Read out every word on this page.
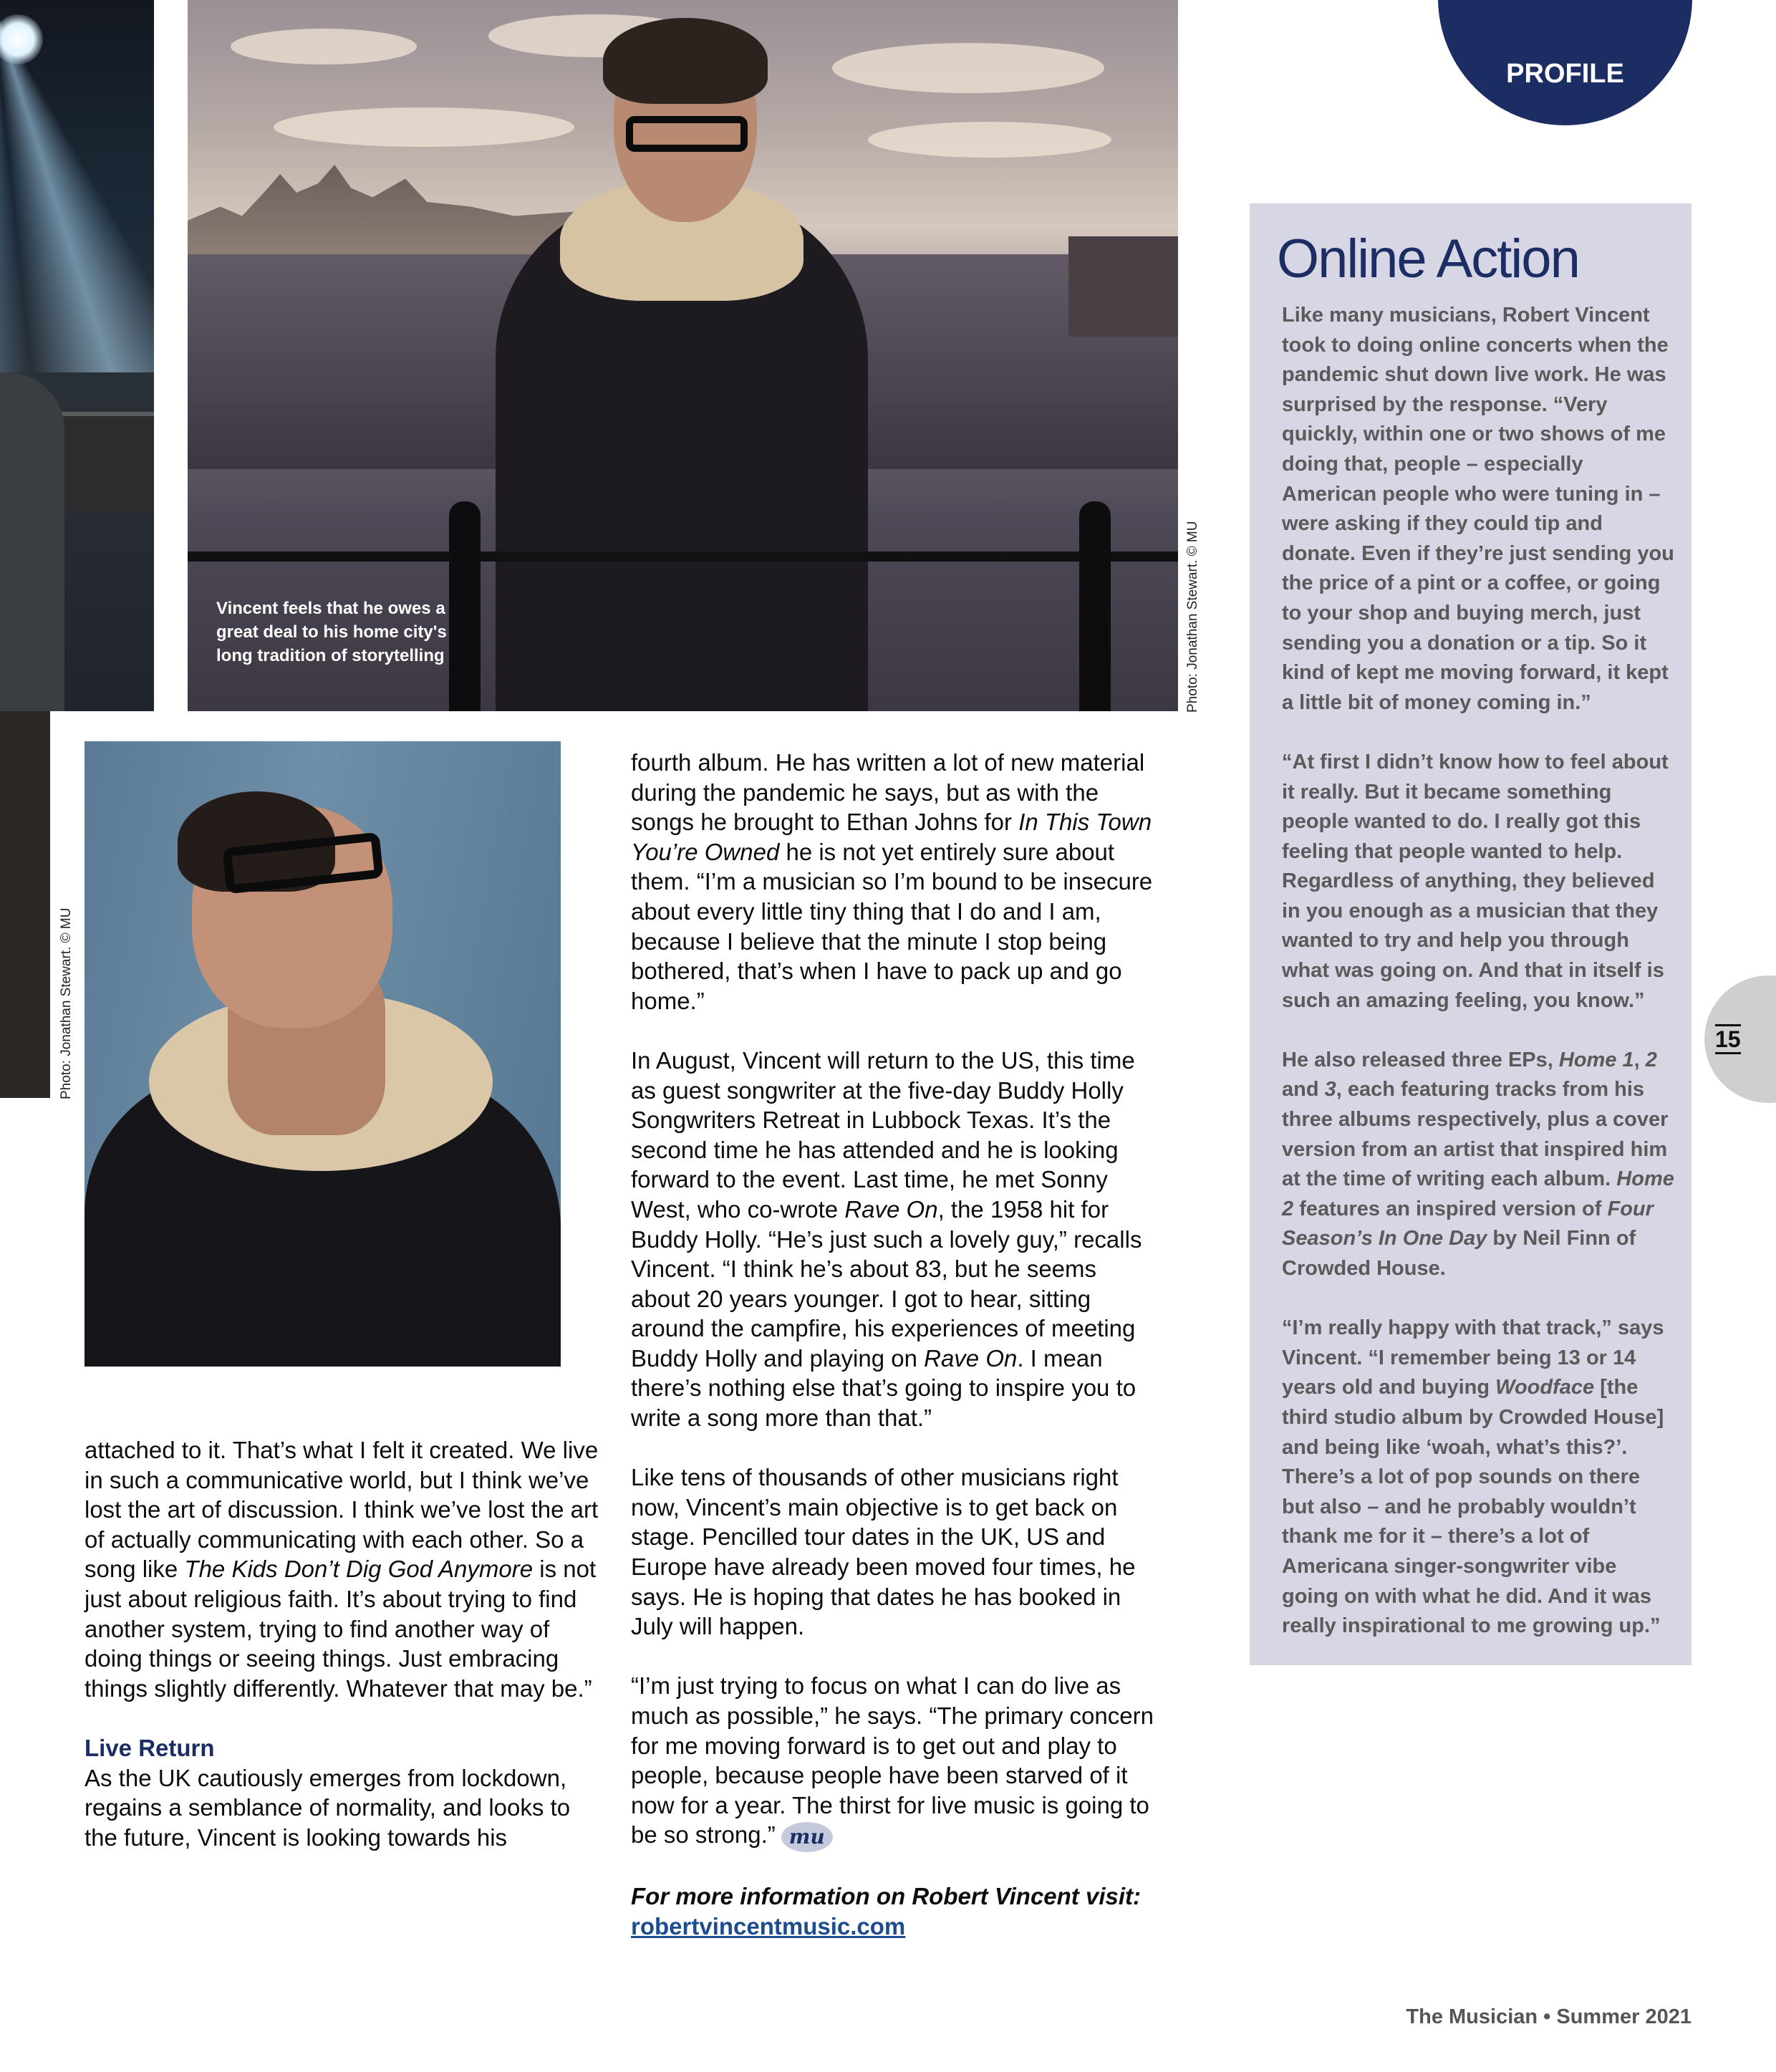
Vincent feels that he owes a great deal to his home city's long tradition of storytelling	Photo: Jonathan Stewart. © MU
Photo: Jonathan Stewart. © MU
PROFILE
15
Online Action

Like many musicians, Robert Vincent took to doing online concerts when the pandemic shut down live work. He was surprised by the response. “Very quickly, within one or two shows of me doing that, people – especially American people who were tuning in – were asking if they could tip and donate. Even if they’re just sending you the price of a pint or a coffee, or going to your shop and buying merch, just sending you a donation or a tip. So it kind of kept me moving forward, it kept a little bit of money coming in.”

“At first I didn’t know how to feel about it really. But it became something people wanted to do. I really got this feeling that people wanted to help. Regardless of anything, they believed in you enough as a musician that they wanted to try and help you through what was going on. And that in itself is such an amazing feeling, you know.”

He also released three EPs, Home 1, 2 and 3, each featuring tracks from his three albums respectively, plus a cover version from an artist that inspired him at the time of writing each album. Home 2 features an inspired version of Four Season’s In One Day by Neil Finn of Crowded House.

“I’m really happy with that track,” says Vincent. “I remember being 13 or 14 years old and buying Woodface [the third studio album by Crowded House] and being like ‘woah, what’s this?’. There’s a lot of pop sounds on there but also – and he probably wouldn’t thank me for it – there’s a lot of Americana singer-songwriter vibe going on with what he did. And it was really inspirational to me growing up.”

attached to it. That’s what I felt it created. We live in such a communicative world, but I think we’ve lost the art of discussion. I think we’ve lost the art of actually communicating with each other. So a song like The Kids Don’t Dig God Anymore is not just about religious faith. It’s about trying to find another system, trying to find another way of doing things or seeing things. Just embracing things slightly differently. Whatever that may be.”

Live Return

As the UK cautiously emerges from lockdown, regains a semblance of normality, and looks to the future, Vincent is looking towards his

fourth album. He has written a lot of new material during the pandemic he says, but as with the songs he brought to Ethan Johns for In This Town You’re Owned he is not yet entirely sure about them. “I’m a musician so I’m bound to be insecure about every little tiny thing that I do and I am, because I believe that the minute I stop being bothered, that’s when I have to pack up and go home.”

In August, Vincent will return to the US, this time as guest songwriter at the five-day Buddy Holly Songwriters Retreat in Lubbock Texas. It’s the second time he has attended and he is looking forward to the event. Last time, he met Sonny West, who co-wrote Rave On, the 1958 hit for Buddy Holly. “He’s just such a lovely guy,” recalls Vincent. “I think he’s about 83, but he seems about 20 years younger. I got to hear, sitting around the campfire, his experiences of meeting Buddy Holly and playing on Rave On. I mean there’s nothing else that’s going to inspire you to write a song more than that.”

Like tens of thousands of other musicians right now, Vincent’s main objective is to get back on stage. Pencilled tour dates in the UK, US and Europe have already been moved four times, he says. He is hoping that dates he has booked in July will happen.

“I’m just trying to focus on what I can do live as much as possible,” he says. “The primary concern for me moving forward is to get out and play to people, because people have been starved of it now for a year. The thirst for live music is going to be so strong.” mu

For more information on Robert Vincent visit:
robertvincentmusic.com
The Musician • Summer 2021
